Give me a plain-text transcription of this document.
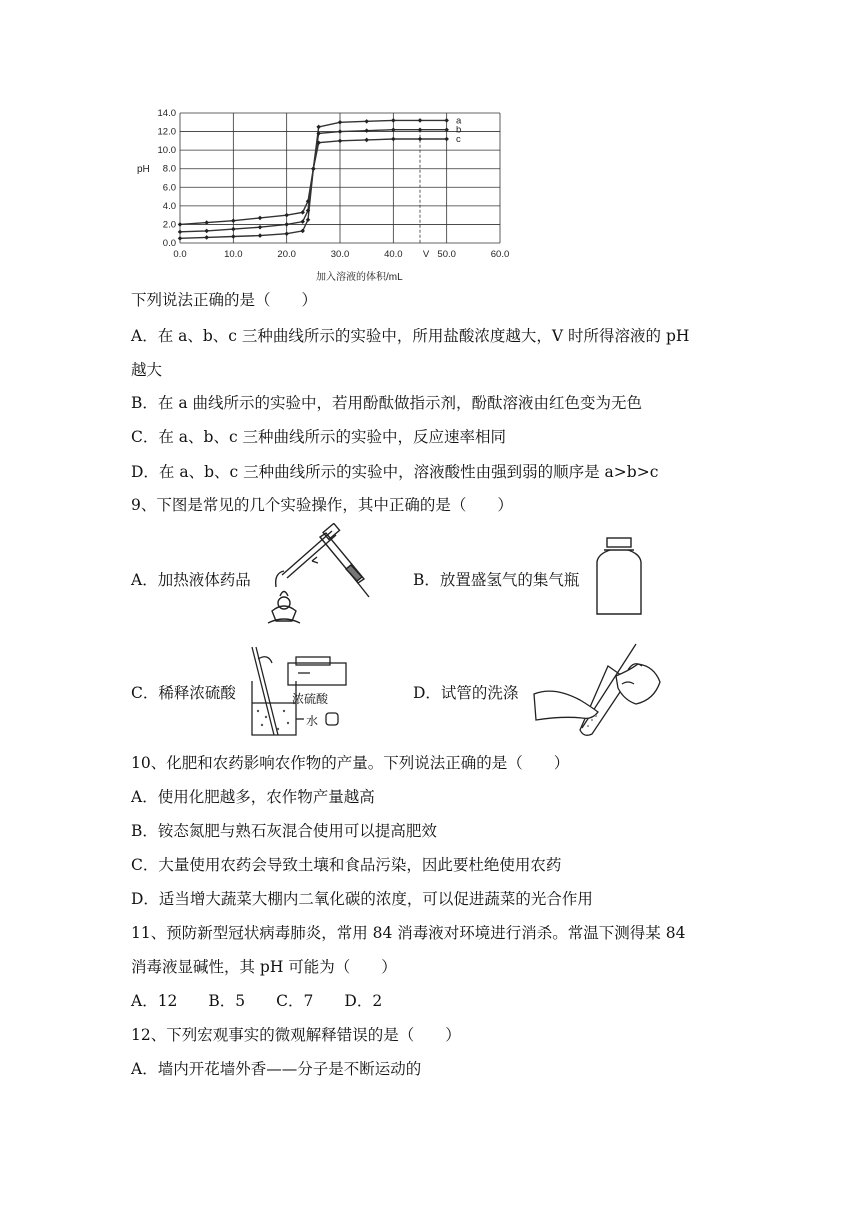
0.0
2.0
4.0
6.0
8.0
10.0
12.0
14.0
0.0	10.0	20.0	30.0	40.0	50.0	60.0
V
a
b
c
pH
加入溶液的体积/mL
下列说法正确的是（　　）
A．在 a、b、c 三种曲线所示的实验中，所用盐酸浓度越大，V 时所得溶液的 pH
越大
B．在 a 曲线所示的实验中，若用酚酞做指示剂，酚酞溶液由红色变为无色
C．在 a、b、c 三种曲线所示的实验中，反应速率相同
D．在 a、b、c 三种曲线所示的实验中，溶液酸性由强到弱的顺序是 a>b>c
9、下图是常见的几个实验操作，其中正确的是（　　）
A．加热液体药品	B．放置盛氢气的集气瓶
C．稀释浓硫酸	D．试管的洗涤
浓硫酸
水
10、化肥和农药影响农作物的产量。下列说法正确的是（　　）
A．使用化肥越多，农作物产量越高
B．铵态氮肥与熟石灰混合使用可以提高肥效
C．大量使用农药会导致土壤和食品污染，因此要杜绝使用农药
D．适当增大蔬菜大棚内二氧化碳的浓度，可以促进蔬菜的光合作用
11、预防新型冠状病毒肺炎，常用 84 消毒液对环境进行消杀。常温下测得某 84
消毒液显碱性，其 pH 可能为（　　）
A．12　　B．5　　C．7　　D．2
12、下列宏观事实的微观解释错误的是（　　）
A．墙内开花墙外香——分子是不断运动的
